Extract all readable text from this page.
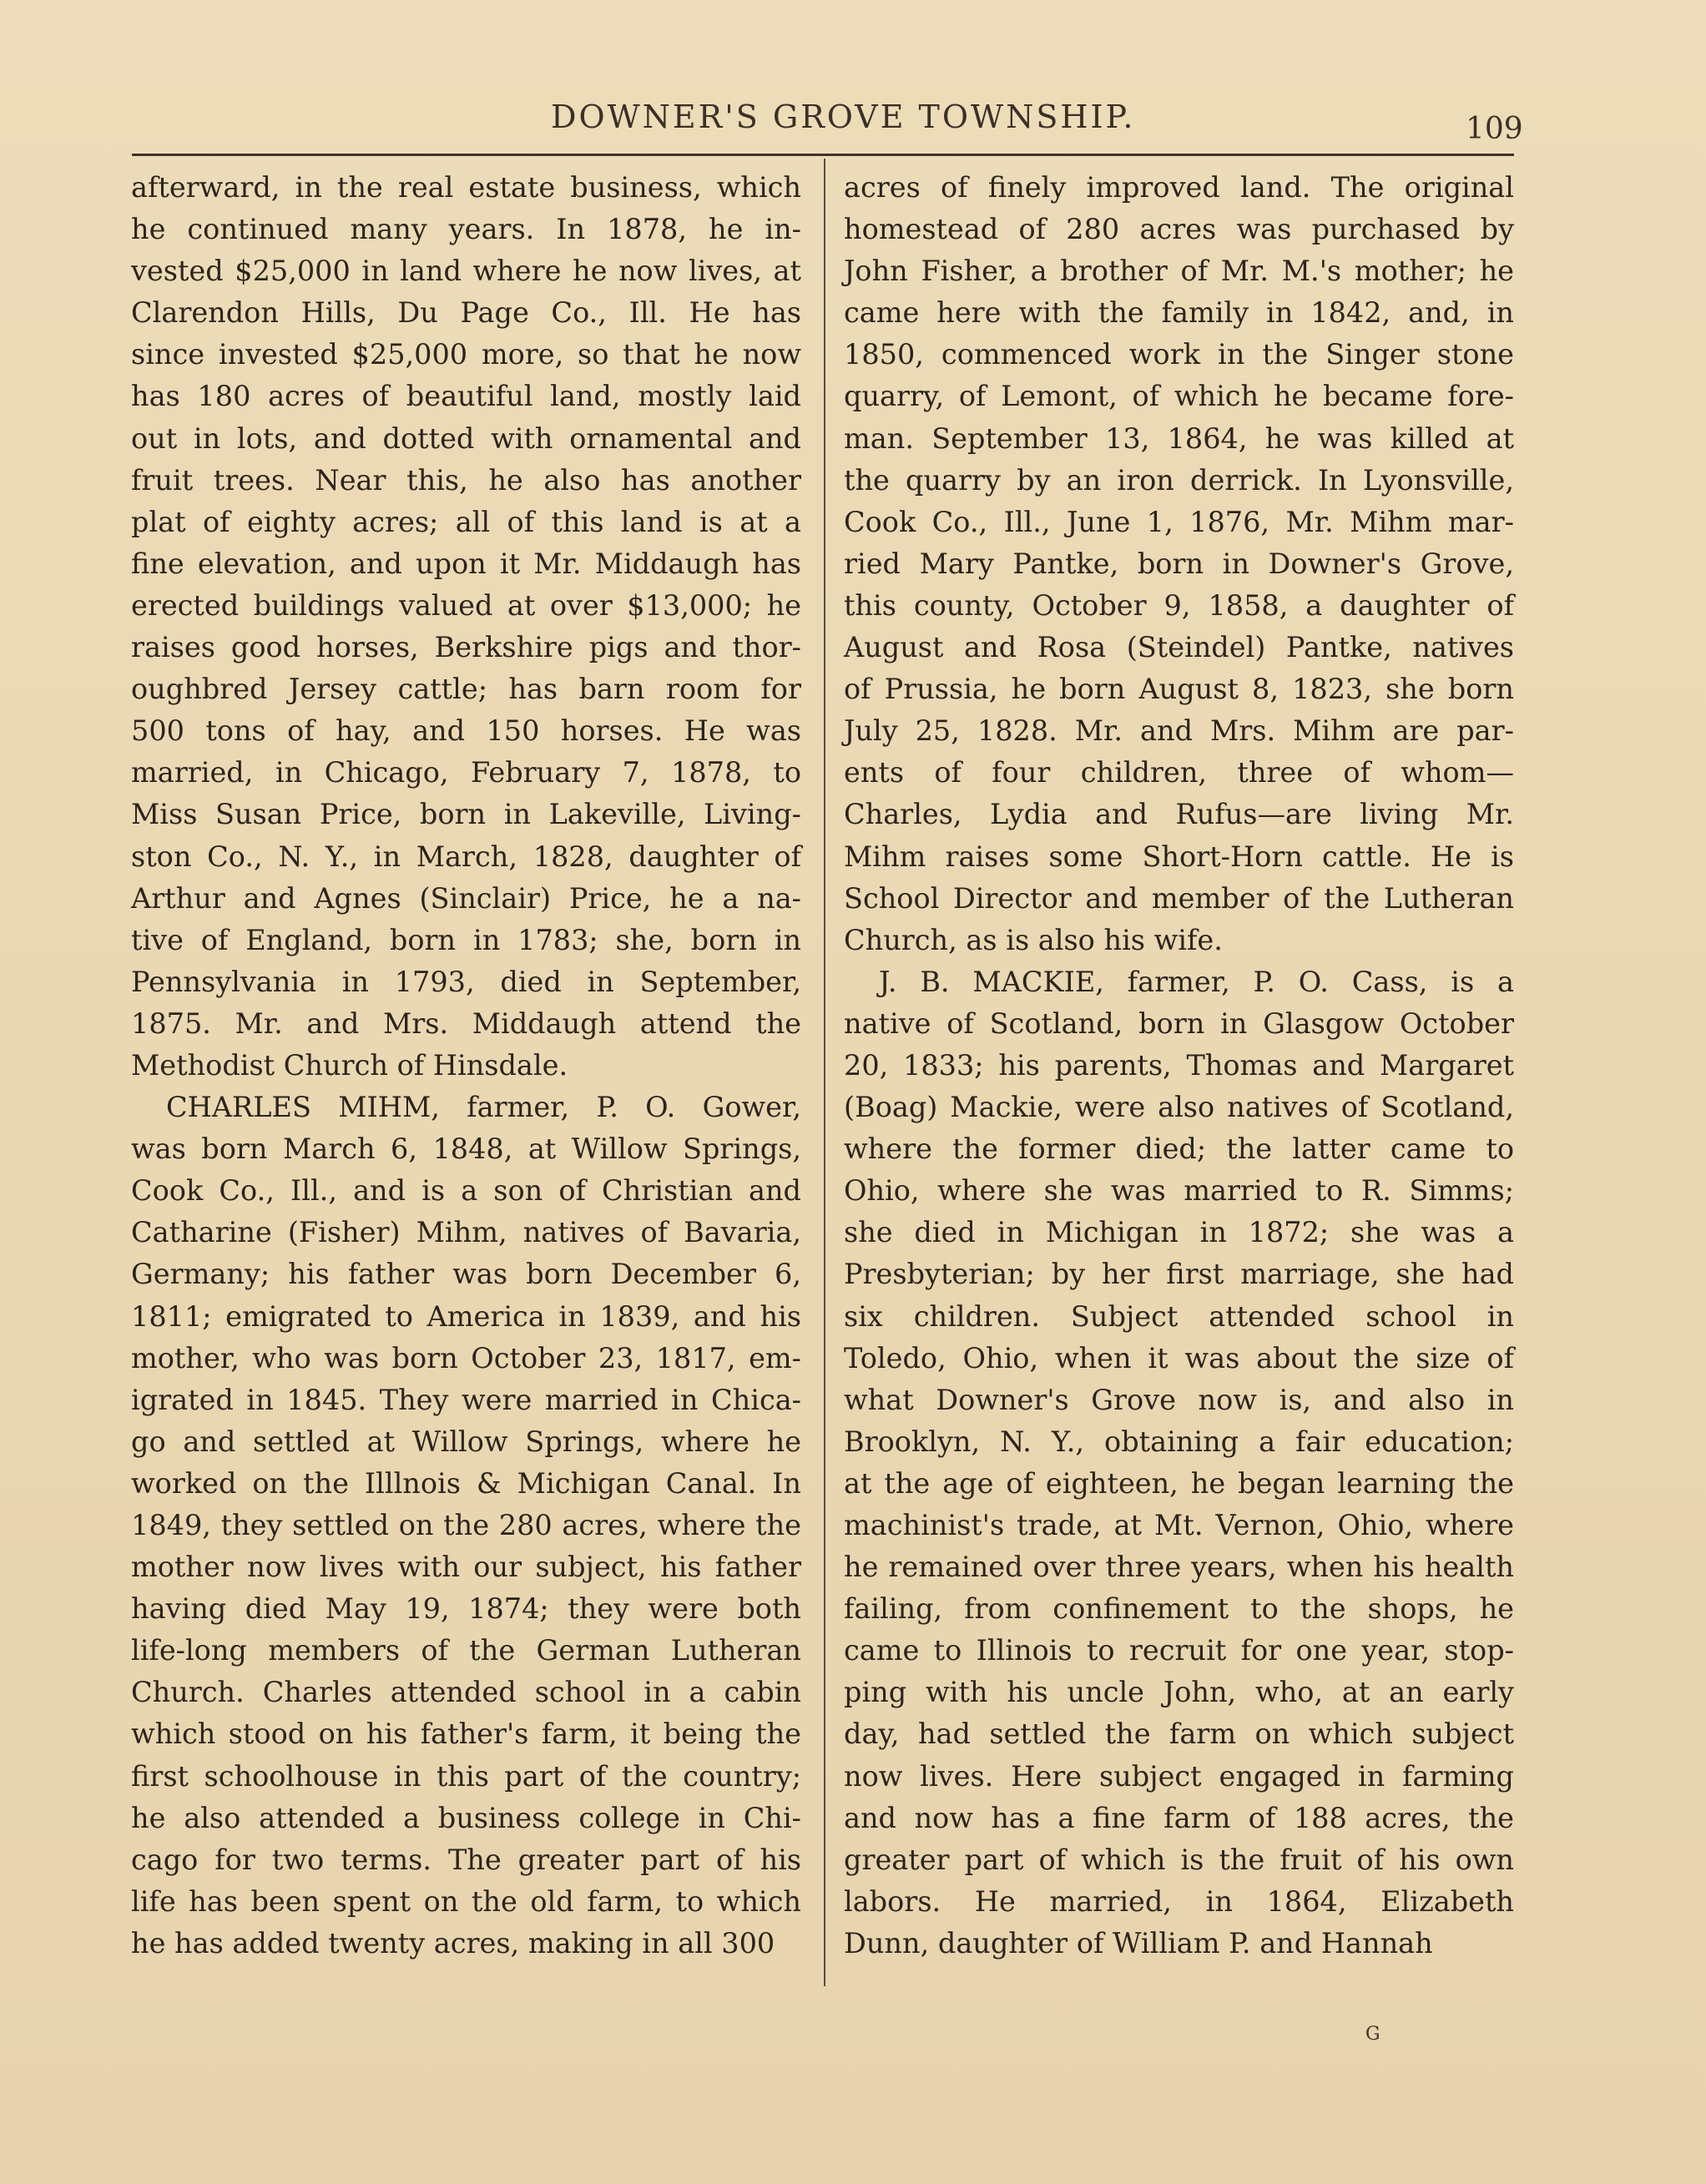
DOWNER'S GROVE TOWNSHIP.	109
afterward, in the real estate business, which
he continued many years. In 1878, he in-
vested $25,000 in land where he now lives, at
Clarendon Hills, Du Page Co., Ill. He has
since invested $25,000 more, so that he now
has 180 acres of beautiful land, mostly laid
out in lots, and dotted with ornamental and
fruit trees. Near this, he also has another
plat of eighty acres; all of this land is at a
fine elevation, and upon it Mr. Middaugh has
erected buildings valued at over $13,000; he
raises good horses, Berkshire pigs and thor-
oughbred Jersey cattle; has barn room for
500 tons of hay, and 150 horses. He was
married, in Chicago, February 7, 1878, to
Miss Susan Price, born in Lakeville, Living-
ston Co., N. Y., in March, 1828, daughter of
Arthur and Agnes (Sinclair) Price, he a na-
tive of England, born in 1783; she, born in
Pennsylvania in 1793, died in September,
1875. Mr. and Mrs. Middaugh attend the
Methodist Church of Hinsdale.
CHARLES MIHM, farmer, P. O. Gower,
was born March 6, 1848, at Willow Springs,
Cook Co., Ill., and is a son of Christian and
Catharine (Fisher) Mihm, natives of Bavaria,
Germany; his father was born December 6,
1811; emigrated to America in 1839, and his
mother, who was born October 23, 1817, em-
igrated in 1845. They were married in Chica-
go and settled at Willow Springs, where he
worked on the Illlnois & Michigan Canal. In
1849, they settled on the 280 acres, where the
mother now lives with our subject, his father
having died May 19, 1874; they were both
life-long members of the German Lutheran
Church. Charles attended school in a cabin
which stood on his father's farm, it being the
first schoolhouse in this part of the country;
he also attended a business college in Chi-
cago for two terms. The greater part of his
life has been spent on the old farm, to which
he has added twenty acres, making in all 300
acres of finely improved land. The original
homestead of 280 acres was purchased by
John Fisher, a brother of Mr. M.'s mother; he
came here with the family in 1842, and, in
1850, commenced work in the Singer stone
quarry, of Lemont, of which he became fore-
man. September 13, 1864, he was killed at
the quarry by an iron derrick. In Lyonsville,
Cook Co., Ill., June 1, 1876, Mr. Mihm mar-
ried Mary Pantke, born in Downer's Grove,
this county, October 9, 1858, a daughter of
August and Rosa (Steindel) Pantke, natives
of Prussia, he born August 8, 1823, she born
July 25, 1828. Mr. and Mrs. Mihm are par-
ents of four children, three of whom—
Charles, Lydia and Rufus—are living Mr.
Mihm raises some Short-Horn cattle. He is
School Director and member of the Lutheran
Church, as is also his wife.
J. B. MACKIE, farmer, P. O. Cass, is a
native of Scotland, born in Glasgow October
20, 1833; his parents, Thomas and Margaret
(Boag) Mackie, were also natives of Scotland,
where the former died; the latter came to
Ohio, where she was married to R. Simms;
she died in Michigan in 1872; she was a
Presbyterian; by her first marriage, she had
six children. Subject attended school in
Toledo, Ohio, when it was about the size of
what Downer's Grove now is, and also in
Brooklyn, N. Y., obtaining a fair education;
at the age of eighteen, he began learning the
machinist's trade, at Mt. Vernon, Ohio, where
he remained over three years, when his health
failing, from confinement to the shops, he
came to Illinois to recruit for one year, stop-
ping with his uncle John, who, at an early
day, had settled the farm on which subject
now lives. Here subject engaged in farming
and now has a fine farm of 188 acres, the
greater part of which is the fruit of his own
labors. He married, in 1864, Elizabeth
Dunn, daughter of William P. and Hannah
G
